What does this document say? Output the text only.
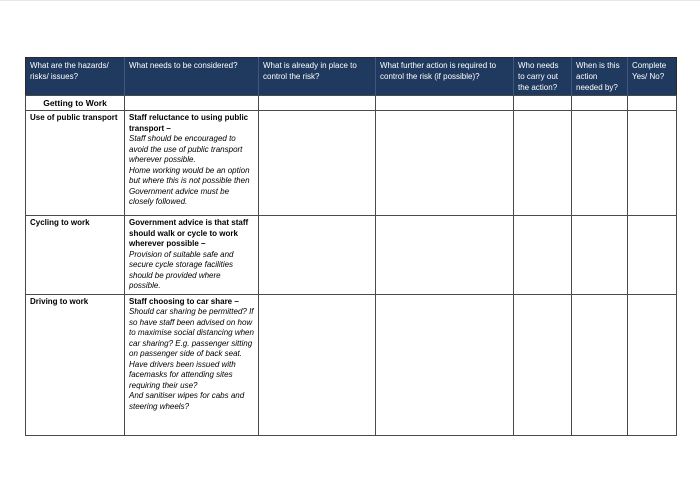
What are the hazards/ risks/ issues?	What needs to be considered?	What is already in place to control the risk?	What further action is required to control the risk (if possible)?	Who needs to carry out the action?	When is this action needed by?	Complete Yes/ No?
Getting to Work						
Use of public transport	Staff reluctance to using public transport –

Staff should be encouraged to avoid the use of public transport wherever possible.

Home working would be an option but where this is not possible then Government advice must be closely followed.					

Cycling to work	Government advice is that staff should walk or cycle to work wherever possible –

Provision of suitable safe and secure cycle storage facilities should be provided where possible.					

Driving to work	Staff choosing to car share –

Should car sharing be permitted? If so have staff been advised on how to maximise social distancing when car sharing? E.g. passenger sitting on passenger side of back seat.

Have drivers been issued with facemasks for attending sites requiring their use?

And sanitiser wipes for cabs and steering wheels?					
